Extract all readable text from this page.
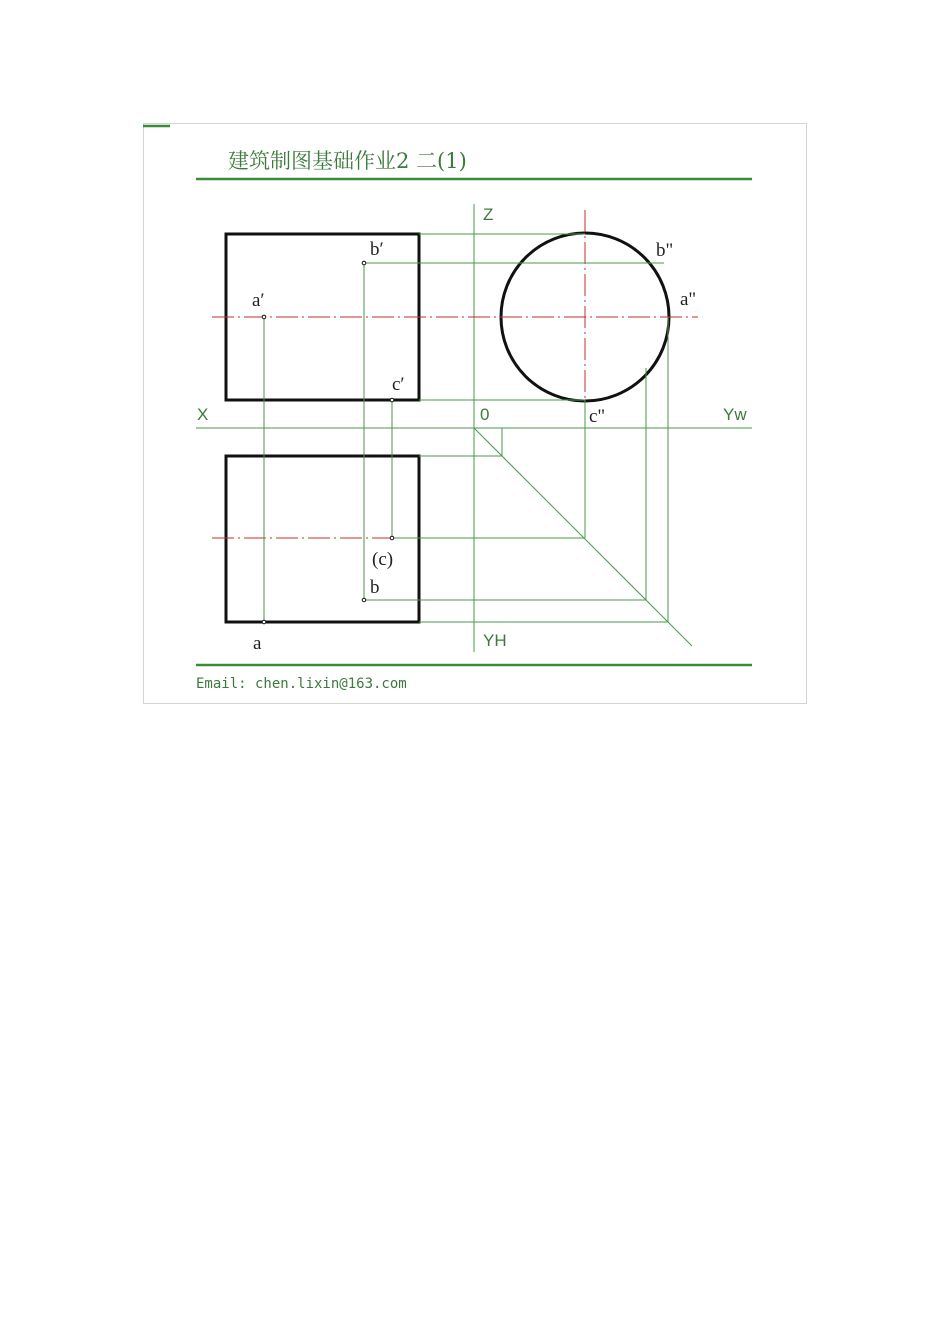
建筑制图基础作业2 二(1)
X
Z
0	Yw
YH
a′
b′
c′
b"
a"
c"
(c)
b
a
Email: chen.lixin@163.com
